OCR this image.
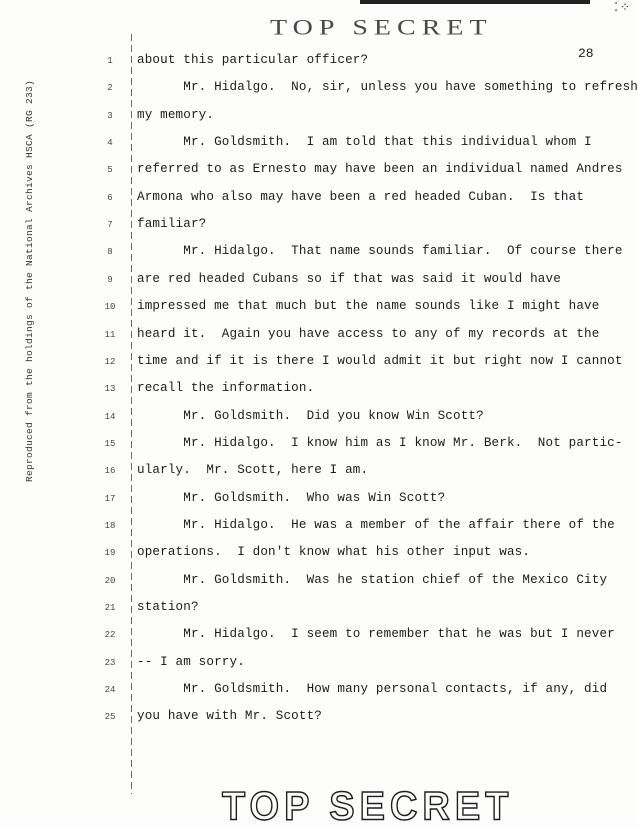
⁚⁘
TOP SECRET
28
Reproduced from the holdings of the National Archives HSCA (RG 233)
1
2
3
4
5
6
7
8
9
10
11
12
13
14
15
16
17
18
19
20
21
22
23
24
25
about this particular officer?
Mr. Hidalgo.  No, sir, unless you have something to refresh
my memory.
Mr. Goldsmith.  I am told that this individual whom I
referred to as Ernesto may have been an individual named Andres
Armona who also may have been a red headed Cuban.  Is that
familiar?
Mr. Hidalgo.  That name sounds familiar.  Of course there
are red headed Cubans so if that was said it would have
impressed me that much but the name sounds like I might have
heard it.  Again you have access to any of my records at the
time and if it is there I would admit it but right now I cannot
recall the information.
Mr. Goldsmith.  Did you know Win Scott?
Mr. Hidalgo.  I know him as I know Mr. Berk.  Not partic-
ularly.  Mr. Scott, here I am.
Mr. Goldsmith.  Who was Win Scott?
Mr. Hidalgo.  He was a member of the affair there of the
operations.  I don't know what his other input was.
Mr. Goldsmith.  Was he station chief of the Mexico City
station?
Mr. Hidalgo.  I seem to remember that he was but I never
-- I am sorry.
Mr. Goldsmith.  How many personal contacts, if any, did
you have with Mr. Scott?
TOP SECRET
